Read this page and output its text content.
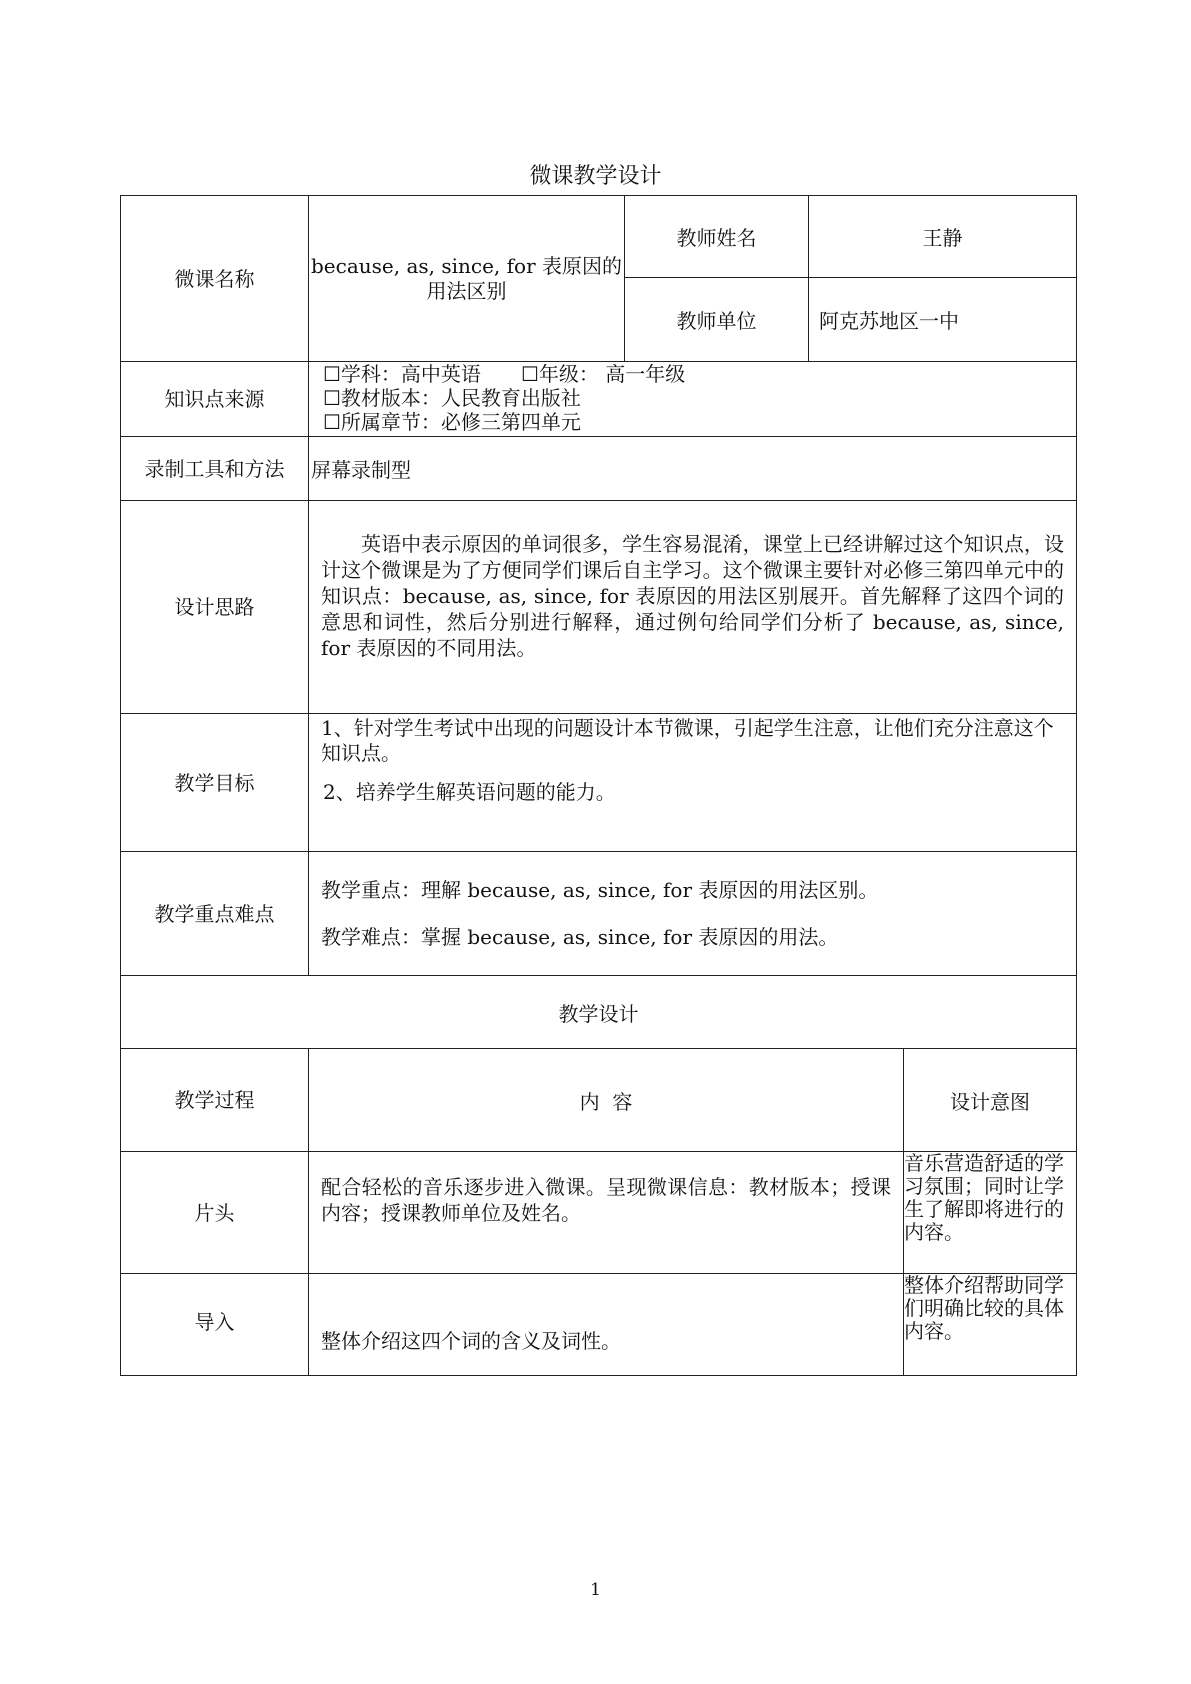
微课教学设计
微课名称	because, as, since, for 表原因的用法区别	教师姓名	王静	
		教师单位	阿克苏地区一中	
知识点来源	☐学科：高中英语 ☐年级： 高一年级
☐教材版本：人民教育出版社
☐所属章节：必修三第四单元			

录制工具和方法	屏幕录制型			
设计思路	英语中表示原因的单词很多，学生容易混淆，课堂上已经讲解过这个知识点，设计这个微课是为了方便同学们课后自主学习。这个微课主要针对必修三第四单元中的知识点：because, as, since, for 表原因的用法区别展开。首先解释了这四个词的意思和词性，然后分别进行解释，通过例句给同学们分析了 because, as, since, for 表原因的不同用法。			

教学目标	1、针对学生考试中出现的问题设计本节微课，引起学生注意，让他们充分注意这个知识点。
2、培养学生解英语问题的能力。			

教学重点难点	教学重点：理解 because, as, since, for 表原因的用法区别。
教学难点：掌握 because, as, since, for 表原因的用法。			

教学设计				
教学过程	内  容			设计意图
片头	配合轻松的音乐逐步进入微课。呈现微课信息：教材版本；授课内容；授课教师单位及姓名。			音乐营造舒适的学习氛围；同时让学生了解即将进行的内容。
导入	整体介绍这四个词的含义及词性。			整体介绍帮助同学们明确比较的具体内容。
1
